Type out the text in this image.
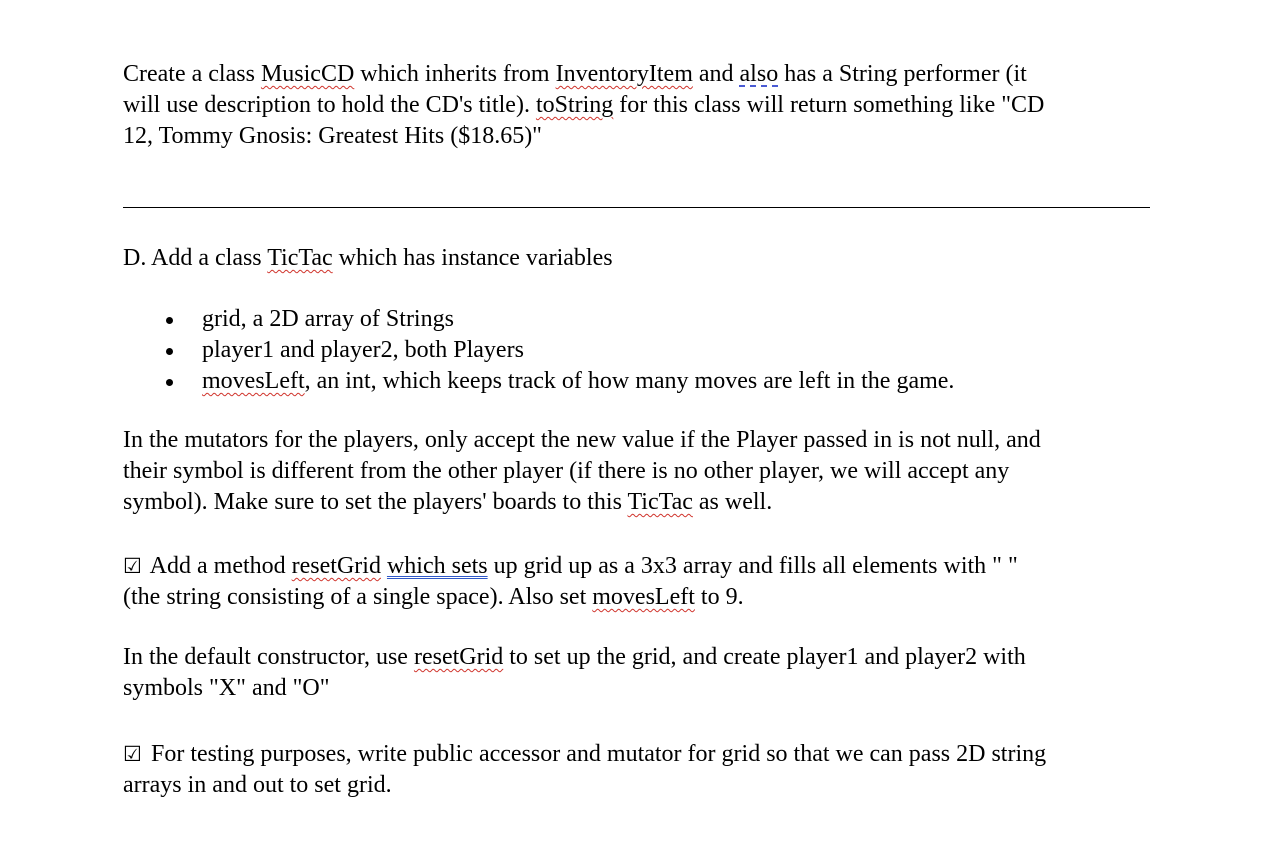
Create a class MusicCD which inherits from InventoryItem and also has a String performer (it
will use description to hold the CD's title). toString for this class will return something like "CD
12, Tommy Gnosis: Greatest Hits ($18.65)"

D. Add a class TicTac which has instance variables

grid, a 2D array of Strings
player1 and player2, both Players
movesLeft, an int, which keeps track of how many moves are left in the game.

In the mutators for the players, only accept the new value if the Player passed in is not null, and
their symbol is different from the other player (if there is no other player, we will accept any
symbol). Make sure to set the players' boards to this TicTac as well.

☑ Add a method resetGrid which sets up grid up as a 3x3 array and fills all elements with " "
(the string consisting of a single space). Also set movesLeft to 9.

In the default constructor, use resetGrid to set up the grid, and create player1 and player2 with
symbols "X" and "O"

☑ For testing purposes, write public accessor and mutator for grid so that we can pass 2D string
arrays in and out to set grid.
